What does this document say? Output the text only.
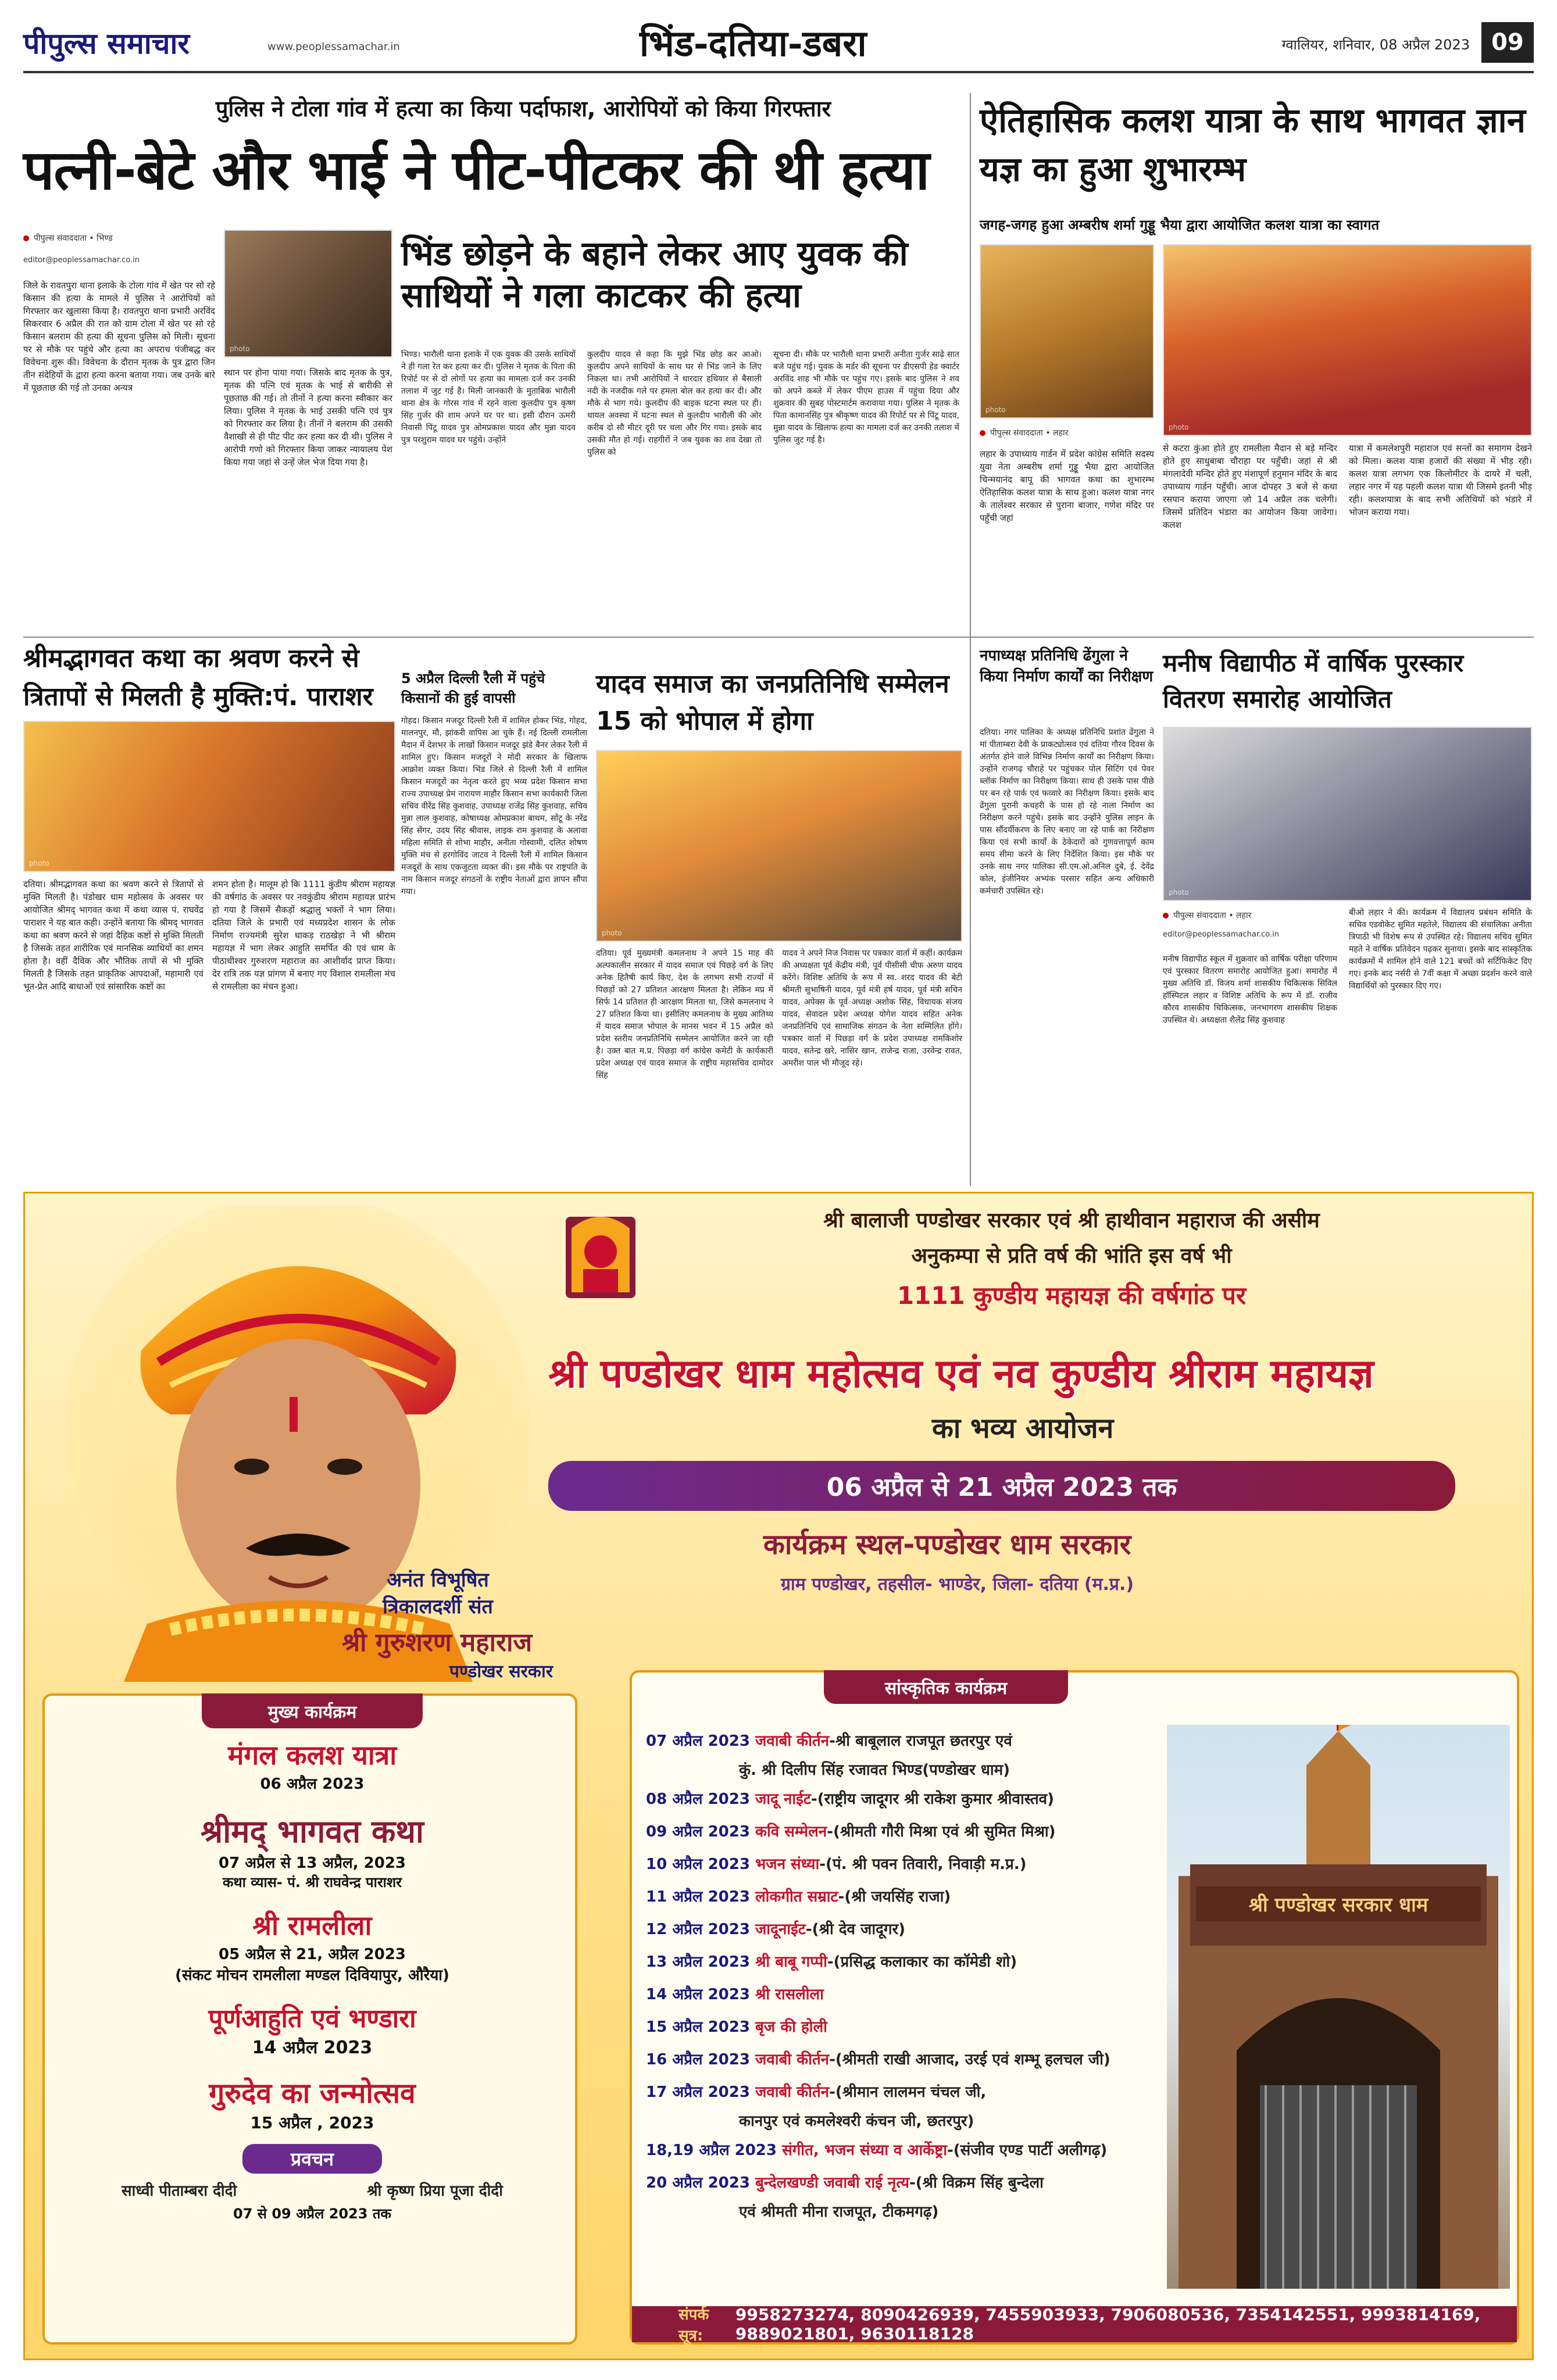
पीपुल्स समाचार	www.peoplessamachar.in	भिंड-दतिया-डबरा	ग्वालियर, शनिवार, 08 अप्रैल 2023 09
पुलिस ने टोला गांव में हत्या का किया पर्दाफाश, आरोपियों को किया गिरफ्तार
पत्नी-बेटे और भाई ने पीट-पीटकर की थी हत्या
पीपुल्स संवाददाता • भिण्ड
editor@peoplessamachar.co.in
जिले के रावतपुरा थाना इलाके के टोला गांव में खेत पर सो रहे किसान की हत्या के मामले में पुलिस ने आरोपियों को गिरफ्तार कर खुलासा किया है। रावतपुरा थाना प्रभारी अरविंद सिकरवार 6 अप्रैल की रात को ग्राम टोला में खेत पर सो रहे किसान बलराम की हत्या की सूचना पुलिस को मिली। सूचना पर से मौके पर पहुंचे और हत्या का अपराध पंजीबद्ध कर विवेचना शुरू की। विवेचना के दौरान मृतक के पुत्र द्वारा जिन तीन संदेहियों के द्वारा हत्या करना बताया गया। जब उनके बारे में पूछताछ की गई तो उनका अन्यत्र
photo
स्थान पर होना पाया गया। जिसके बाद मृतक के पुत्र, मृतक की पत्नि एवं मृतक के भाई से बारीकी से पूछताछ की गई। तो तीनों ने हत्या करना स्वीकार कर लिया। पुलिस ने मृतक के भाई उसकी पत्नि एवं पुत्र को गिरफ्तार कर लिया है। तीनों ने बलराम की उसकी वैशाखी से ही पीट पीट कर हत्या कर दी थी। पुलिस ने आरोपी गणो को गिरफ्तार किया जाकर न्यायालय पेश किया गया जहां से उन्हें जेल भेज दिया गया है।
भिंड छोड़ने के बहाने लेकर आए युवक की साथियों ने गला काटकर की हत्या
भिण्ड। भारौली थाना इलाके में एक युवक की उसके साथियों ने ही गला रेत कर हत्या कर दी। पुलिस ने मृतक के पिता की रिपोर्ट पर से दो लोगों पर हत्या का मामला दर्ज कर उनकी तलाश में जुट गई है। मिली जानकारी के मुताबिक भारौली थाना क्षेत्र के गोरस गांव में रहने वाला कुलदीप पुत्र कृष्ण सिंह गुर्जर की शाम अपने घर पर था। इसी दौरान ऊमरी निवासी पिंटू यादव पुत्र ओमप्रकाश यादव और मुन्ना यादव पुत्र परशुराम यादव घर पहुंचे। उन्होंने
कुलदीप यादव से कहा कि मुझे भिंड छोड़ कर आओ। कुलदीप अपने साथियों के साथ घर से भिंड जाने के लिए निकला था। तभी आरोपियों ने धारदार हथियार से बैसाली नदी के नजदीक गले पर हमला बोल कर हत्या कर दी। और मौके से भाग गये। कुलदीप की बाइक घटना स्थल पर ही। धायल अवस्था में घटना स्थल से कुलदीप भारौली की ओर करीब दो सौ मीटर दूरी पर चला और गिर गया। इसके बाद उसकी मौत हो गई। राहगीरों ने जब युवक का शव देखा तो पुलिस को
सूचना दी। मौके पर भारौली थाना प्रभारी अनीता गुर्जर साढ़े सात बजे पहुंच गई। युवक के मर्डर की सूचना पर डीएसपी हेड क्वार्टर अरविंद शाह भी मौके पर पहुंच गए। इसके बाद पुलिस ने शव को अपने कब्जे में लेकर पीएम हाउस में पहुंचा दिया और शुक्रवार की सुबह पोस्टमार्टम करावाया गया। पुलिस ने मृतक के पिता कामानसिंह पुत्र श्रीकृष्ण यादव की रिपोर्ट पर से पिंटू यादव, मुन्ना यादव के खिलाफ हत्या का मामला दर्ज कर उनकी तलाश में पुलिस जुट गई है।
ऐतिहासिक कलश यात्रा के साथ भागवत ज्ञान यज्ञ का हुआ शुभारम्भ
जगह-जगह हुआ अम्बरीष शर्मा गुड्डू भैया द्वारा आयोजित कलश यात्रा का स्वागत
photo
photo
पीपुल्स संवाददाता • लहार
लहार के उपाध्याय गार्डन में प्रदेश कांग्रेस समिति सदस्य युवा नेता अम्बरीष शर्मा गुड्डू भैया द्वारा आयोजित चिन्मयानंद बापू की भागवत कथा का शुभारम्भ ऐतिहासिक कलश यात्रा के साथ हुआ। कलश यात्रा नगर के तालेश्वर सरकार से पुराना बाजार, गणेश मंदिर पर पहुँची जहां
से कटरा कुंआ होते हुए रामलीला मैदान से बड़े मन्दिर होते हुए साधुबाबा चौराहा पर पहुँची। जहां से श्री मंगलादेवी मन्दिर होते हुए मंशापूर्ण हनुमान मंदिर के बाद उपाध्याय गार्डन पहुँची। आज दोपहर 3 बजे से कथा रसपान कराया जाएगा जो 14 अप्रैल तक चलेगी। जिसमें प्रतिदिन भंडारा का आयोजन किया जावेगा। कलश
यात्रा में कमलेशपुरी महाराज एवं सन्तों का समागम देखने को मिला। कलश यात्रा हजारों की संख्या में भीड़ रही। कलश यात्रा लगभग एक किलोमीटर के दायरे में चली, लहार नगर में यह पहली कलश यात्रा थी जिसमे इतनी भीड़ रही। कलशयात्रा के बाद सभी अतिथियों को भंडारे में भोजन कराया गया।
श्रीमद्भागवत कथा का श्रवण करने से त्रितापों से मिलती है मुक्ति:पं. पाराशर
photo
दतिया। श्रीमद्भागवत कथा का श्रवण करने से त्रितापों से मुक्ति मिलती है। पंडोखर धाम महोत्सव के अवसर पर आयोजित श्रीमद् भागवत कथा में कथा व्यास पं. राघवेंद्र पाराशर ने यह बात कही। उन्होंने बताया कि श्रीमद् भागवत कथा का श्रवण करने से जहां दैहिक कष्टों से मुक्ति मिलती है जिसके तहत शारीरिक एवं मानसिक व्याधियों का शमन होता है। वहीं दैविक और भौतिक तापों से भी मुक्ति मिलती है जिसके तहत प्राकृतिक आपदाओं, महामारी एवं भूत-प्रेत आदि बाधाओं एवं सांसारिक कष्टों का
शमन होता है। मालूम हो कि 1111 कुंडीय श्रीराम महायज्ञ की वर्षगांठ के अवसर पर नवकुंडीय श्रीराम महायज्ञ प्रारंभ हो गया है जिसमें सैकड़ों श्रद्धालु भक्तों ने भाग लिया। दतिया जिले के प्रभारी एवं मध्यप्रदेश शासन के लोक निर्माण राज्यमंत्री सुरेश धाकड़ राठखेड़ा ने भी श्रीराम महायज्ञ में भाग लेकर आहुति समर्पित की एवं धाम के पीठाधीश्वर गुरुशरण महाराज का आशीर्वाद प्राप्त किया। देर रात्रि तक यज्ञ प्रांगण में बनाए गए विशाल रामलीला मंच से रामलीला का मंचन हुआ।
5 अप्रैल दिल्ली रैली में पहुंचे किसानों की हुई वापसी
गोहद। किसान मजदूर दिल्ली रैली में शामिल होकर भिंड, गोहद, मालनपुर, मौ, झांकरी वापिस आ चुके हैं। नई दिल्ली रामलीला मैदान में देशभर के लाखों किसान मजदूर झंडे बैनर लेकर रैली में शामिल हुए। किसान मजदूरों ने मोदी सरकार के खिलाफ आक्रोश व्यक्त किया। भिंड जिले से दिल्ली रैली में शामिल किसान मजदूरों का नेतृत्व करते हुए भव्य प्रदेश किसान सभा राज्य उपाध्यक्ष प्रेम नारायण माहौर किसान सभा कार्यकारी जिला सचिव वीरेंद्र सिंह कुशवाह, उपाध्यक्ष राजेंद्र सिंह कुशवाह, सचिव मुन्ना लाल कुशवाह, कोषाध्यक्ष ओमप्रकाश बाथम, सोंटू के नरेंद्र सिंह सेंगर, उदय सिंह श्रीवास, लाइक राम कुशवाह के अलावा महिला समिति से शोभा माहौर, अनीता गोस्वामी, दलित शोषण मुक्ति मंच से हरगोविंद जाटव ने दिल्ली रैली में शामिल किसान मजदूरों के साथ एकजुटता व्यक्त की। इस मौके पर राष्ट्रपति के नाम किसान मजदूर संगठनों के राष्ट्रीय नेताओं द्वारा ज्ञापन सौंपा गया।
यादव समाज का जनप्रतिनिधि सम्मेलन 15 को भोपाल में होगा
photo
दतिया। पूर्व मुख्यमंत्री कमलनाथ ने अपने 15 माह की अल्पकालीन सरकार में यादव समाज एवं पिछड़े वर्ग के लिए अनेक हितैषी कार्य किए, देश के लगभग सभी राज्यों में पिछड़ों को 27 प्रतिशत आरक्षण मिलता है। लेकिन मप्र में सिर्फ 14 प्रतिशत ही आरक्षण मिलता था, जिसे कमलनाथ ने 27 प्रतिशत किया था। इसीलिए कमलनाथ के मुख्य आतिथ्य में यादव समाज भोपाल के मानस भवन में 15 अप्रैल को प्रदेश स्तरीय जनप्रतिनिधि सम्मेलन आयोजित करने जा रही है। उक्त बात म.प्र. पिछड़ा वर्ग कांग्रेस कमेटी के कार्यकारी प्रदेश अध्यक्ष एवं यादव समाज के राष्ट्रीय महासचिव दामोदर सिंह
यादव ने अपने निज निवास पर पत्रकार वार्ता में कहीं। कार्यक्रम की अध्यक्षता पूर्व केंद्रीय मंत्री, पूर्व पीसीसी चीफ अरुण यादव करेंगे। विशिष्ट अतिथि के रूप में स्व. शरद यादव की बेटी श्रीमती सुभाषिनी यादव, पूर्व मंत्री हर्ष यादव, पूर्व मंत्री सचिन यादव, अपेक्स के पूर्व अध्यक्ष अशोक सिंह, विधायक संजय यादव, सेवादल प्रदेश अध्यक्ष योगेश यादव सहित अनेक जनप्रतिनिधि एवं सामाजिक संगठन के नेता सम्मिलित होंगे। पत्रकार वार्ता में पिछड़ा वर्ग के प्रदेश उपाध्यक्ष रामकिशोर यादव, सतेन्द्र खरे, नासिर खान, राजेन्द्र राजा, उरवेन्द्र रावत, अमरीश पाल भी मौजूद रहे।
नपाध्यक्ष प्रतिनिधि ढेंगुला ने किया निर्माण कार्यों का निरीक्षण
दतिया। नगर पालिका के अध्यक्ष प्रतिनिधि प्रशांत ढेंगुला ने मां पीताम्बरा देवी के प्राकट्योत्सव एवं दतिया गौरव दिवस के अंतर्गत होने वाले विभिन्न निर्माण कार्यों का निरीक्षण किया। उन्होंने राजगढ़ चौराहे पर पहुंचकर पोल सिटिंग एवं पेवर ब्लॉक निर्माण का निरीक्षण किया। साथ ही उसके पास पीछे पर बन रहे पार्क एवं फव्वारे का निरीक्षण किया। इसके बाद ढेंगुला पुरानी कचहरी के पास हो रहे नाला निर्माण का निरीक्षण करने पहुंचे। इसके बाद उन्होंने पुलिस लाइन के पास सौंदर्यीकरण के लिए बनाए जा रहे पार्क का निरीक्षण किया एवं सभी कार्यों के ठेकेदारों को गुणवत्तापूर्ण काम समय सीमा करने के लिए निर्देशित किया। इस मौके पर उनके साथ नगर पालिका सी.एम.ओ.अनिल दुबे, ई. देवेंद्र कोल, इंजीनियर अभ्यंक परसार सहित अन्य अधिकारी कर्मचारी उपस्थित रहे।
मनीष विद्यापीठ में वार्षिक पुरस्कार वितरण समारोह आयोजित
photo
पीपुल्स संवाददाता • लहार
editor@peoplessamachar.co.in
बीओ लहार ने की। कार्यक्रम में विद्यालय प्रबंधन समिति के सचिव एडवोकेट सुमित महतेले, विद्यालय की संचालिका अनीता त्रिपाठी भी विशेष रूप से उपस्थित रहे। विद्यालय सचिव सुमित महते ने वार्षिक प्रतिवेदन पढ़कर सुनाया। इसके बाद सांस्कृतिक कार्यक्रमों में शामिल होने वाले 121 बच्चों को सर्टिफिकेट दिए गए। इनके बाद नर्सरी से 7वीं कक्षा में अच्छा प्रदर्शन करने वाले विद्यार्थियों को पुरस्कार दिए गए।
मनीष विद्यापीठ स्कूल में शुक्रवार को वार्षिक परीक्षा परिणाम एवं पुरस्कार वितरण समारोह आयोजित हुआ। समारोह में मुख्य अतिथि डॉ. विजय शर्मा शासकीय चिकित्सक सिविल हॉस्पिटल लहार व विशिष्ट अतिथि के रूप में डॉ. राजीव कौरव शासकीय चिकित्सक, जनभागरण शासकीय शिक्षक उपस्थित थे। अध्यक्षता शैलेंद्र सिंह कुशवाह
अनंत विभूषित
त्रिकालदर्शी संत
श्री गुरुशरण महाराज
पण्डोखर सरकार
श्री बालाजी पण्डोखर सरकार एवं श्री हाथीवान महाराज की असीम
अनुकम्पा से प्रति वर्ष की भांति इस वर्ष भी
1111 कुण्डीय महायज्ञ की वर्षगांठ पर
श्री पण्डोखर धाम महोत्सव एवं नव कुण्डीय श्रीराम महायज्ञ
का भव्य आयोजन
06 अप्रैल से 21 अप्रैल 2023 तक
कार्यक्रम स्थल-पण्डोखर धाम सरकार
ग्राम पण्डोखर, तहसील- भाण्डेर, जिला- दतिया (म.प्र.)
मुख्य कार्यक्रम
मंगल कलश यात्रा
06 अप्रैल 2023
श्रीमद् भागवत कथा
07 अप्रैल से 13 अप्रैल, 2023
कथा व्यास- पं. श्री राघवेन्द्र पाराशर
श्री रामलीला
05 अप्रैल से 21, अप्रैल 2023
(संकट मोचन रामलीला मण्डल दिवियापुर, औरैया)
पूर्णआहुति एवं भण्डारा
14 अप्रैल 2023
गुरुदेव का जन्मोत्सव
15 अप्रैल , 2023
प्रवचन
साध्वी पीताम्बरा दीदी	श्री कृष्ण प्रिया पूजा दीदी
07 से 09 अप्रैल 2023 तक
सांस्कृतिक कार्यक्रम
07 अप्रैल 2023 जवाबी कीर्तन-श्री बाबूलाल राजपूत छतरपुर एवं
कुं. श्री दिलीप सिंह रजावत भिण्ड(पण्डोखर धाम)
08 अप्रैल 2023 जादू नाईट-(राष्ट्रीय जादूगर श्री राकेश कुमार श्रीवास्तव)
09 अप्रैल 2023 कवि सम्मेलन-(श्रीमती गौरी मिश्रा एवं श्री सुमित मिश्रा)
10 अप्रैल 2023 भजन संध्या-(पं. श्री पवन तिवारी, निवाड़ी म.प्र.)
11 अप्रैल 2023 लोकगीत सम्राट-(श्री जयसिंह राजा)
12 अप्रैल 2023 जादूनाईट-(श्री देव जादूगर)
13 अप्रैल 2023 श्री बाबू गप्पी-(प्रसिद्ध कलाकार का कॉमेडी शो)
14 अप्रैल 2023 श्री रासलीला
15 अप्रैल 2023 बृज की होली
16 अप्रैल 2023 जवाबी कीर्तन-(श्रीमती राखी आजाद, उरई एवं शम्भू हलचल जी)
17 अप्रैल 2023 जवाबी कीर्तन-(श्रीमान लालमन चंचल जी,
कानपुर एवं कमलेश्वरी कंचन जी, छतरपुर)
18,19 अप्रैल 2023 संगीत, भजन संध्या व आर्केष्ट्रा-(संजीव एण्ड पार्टी अलीगढ़)
20 अप्रैल 2023 बुन्देलखण्डी जवाबी राई नृत्य-(श्री विक्रम सिंह बुन्देला
एवं श्रीमती मीना राजपूत, टीकमगढ़)
श्री पण्डोखर सरकार धाम
संपर्क सूत्र:
9958273274, 8090426939, 7455903933, 7906080536, 7354142551, 9993814169, 9889021801, 9630118128
